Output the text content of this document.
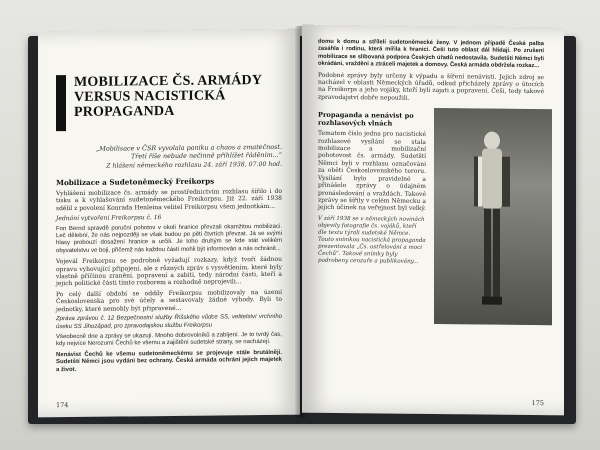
MOBILIZACE ČS. ARMÁDY VERSUS NACISTICKÁ PROPAGANDA
„Mobilisace v ČSR vyvolala paniku a chaos a zmatečnost. Třetí říše nebude nečinně přihlížet řáděním...“
Z hlášení německého rozhlasu 24. září 1938, 07.00 hod.
Mobilizace a Sudetoněmecký Freikorps
Vyhlášení mobilizace čs. armády se prostřednictvím rozhlasu šířilo i do tisku a k vyhlašování sudetoněmeckého Freikorpsu. Již 22. září 1938 sdělil z povolení Konrada Henleina velitel Freikorpsu všem jednotkám...
Jednání vytvoření Freikorpsu č. 16
Fon Bernd spravdě poruční pohotov v okolí hranice převzali okamžitou mobilizaci. Leč dělební, že nás nejpozději se však budou po pěti čtvrtích převzat. Já se svými hlasy probouzí dosažení hranice a určili. Je toho druhým se kde stát velikém obyvatelstvu ve boji, přičemž nás každou částí mohli být informován a nás ochránit...
Vojevál Freikorpsu se podrobně vyžadují rozkazy, když tvoří žádnou opravu vyhovující připojení, ale z různých zpráv s vysvětlením, které byly vlastně příčinou zranění, popravení a zabití, tedy národní části, kteří a jejich politické části tímto rozborem a rozhodně neprojevili...
Po celý další období se oddíly Freikorpsu mobilizovaly na území Československa pro své účely a sestavovaly žádné výhody. Byli to jednotky, které nemohly být připravené...
Zpráva zprávou č. 12 Bezpečnostní služby Říšského vůdce SS, velitelství vrchního úseku SS Jihozápad, pro zpravodajskou službu Freikorpsu
Všeobecně dne a zprávy se ukazují. Mnoho dobrovolníků a zabíjení. Je to tvrdý čas, kdy nejvíce Nerozumí Čechů ke všemu a zajištění sudetské strany, se nacházejí.
Nenávist Čechů ke všemu sudetoněmeckému se projevuje stále brutálněji. Sudetští Němci jsou vydáni bez ochrany. Česká armáda ochrání jejich majetek a život.
174
domu k domu a střílelí sudetoněmecké ženy. V jednom případě Česká palba zasáhla i rodinu, která mířila k hranici. Češi tuto oblast dál hlídají. Po zrušení mobilizace se slibovaná podpora Českých úřadů nedostavila. Sudetští Němci byli okrádáni, vražděni a ztráceli majetek a domovy. Česká armáda obdržela rozkaz...
Podobné zprávy byly určeny k výpadu a šíření nenávisti. Jejich zdroj se nacházel v oblasti Německých úřadů, odkud přicházely zprávy o útocích na Freikorps a jeho vojáky, kteří byli zajati a popraveni. Češi, tedy takové zpravodajství dobře nepoužili.
Propaganda a nenávist po rozhlasových vlnách
Tematem číslo jedna pro nacistické rozhlasové vysílání se stala mobilizace a mobilizační pohotovost čs. armády. Sudetští Němci byli v rozhlasu označováni za oběti Československého teroru. Vysílání bylo pravidelné a přinášelo zprávy o údajném pronásledování a vraždách. Takové zprávy se šířily v celém Německu a jejich účinek na veřejnost byl velký.
V září 1938 se v německých novinách objevily fotografie čs. vojáků, kteří dle textu týrali sudetské Němce. Touto snímkou nacistická propaganda prezentovala „Čs. ostřelování a moci Čechů“. Takové snímky byly podrobeny cenzuře a publikovány...
175
